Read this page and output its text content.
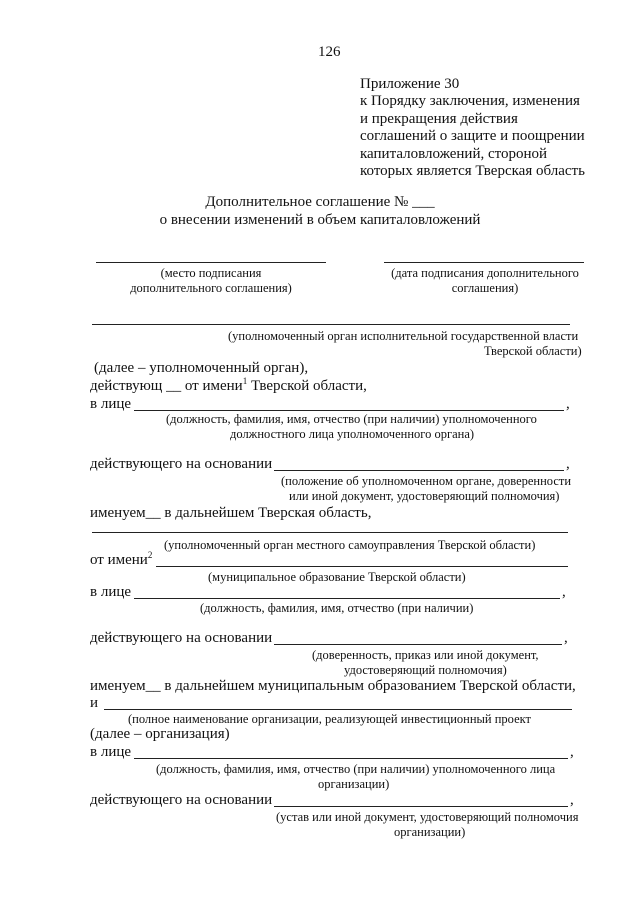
126
Приложение 30
к Порядку заключения, изменения
и прекращения действия
соглашений о защите и поощрении
капиталовложений, стороной
которых является Тверская область
Дополнительное соглашение № ___
о внесении изменений в объем капиталовложений
(место подписания
дополнительного соглашения)
(дата подписания дополнительного
соглашения)
(уполномоченный орган исполнительной государственной власти
Тверской области)
(далее – уполномоченный орган),
действующ __ от имени$^1$ Тверской области,
в лице	,
(должность, фамилия, имя, отчество (при наличии) уполномоченного
должностного лица уполномоченного органа)
действующего на основании	,
(положение об уполномоченном органе, доверенности
или иной документ, удостоверяющий полномочия)
именуем__ в дальнейшем Тверская область,
(уполномоченный орган местного самоуправления Тверской области)
от имени$^2$
(муниципальное образование Тверской области)
в лице	,
(должность, фамилия, имя, отчество (при наличии)
действующего на основании	,
(доверенность, приказ или иной документ,
удостоверяющий полномочия)
именуем__ в дальнейшем муниципальным образованием Тверской области,
и
(полное наименование организации, реализующей инвестиционный проект
(далее – организация)
в лице	,
(должность, фамилия, имя, отчество (при наличии) уполномоченного лица
организации)
действующего на основании	,
(устав или иной документ, удостоверяющий полномочия
организации)
